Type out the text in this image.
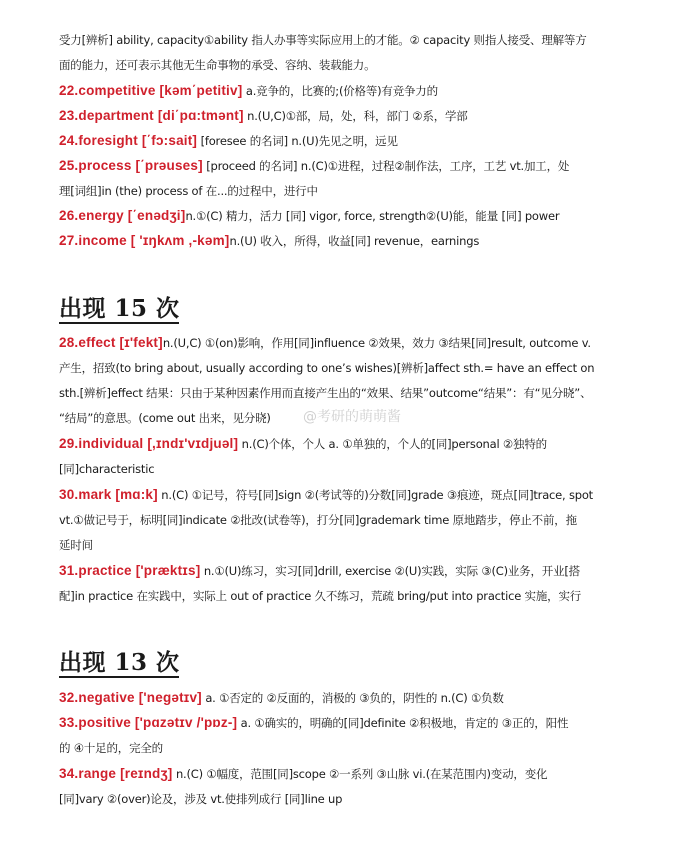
受力[辨析] ability, capacity①ability 指人办事等实际应用上的才能。② capacity 则指人接受、理解等方
面的能力，还可表示其他无生命事物的承受、容纳、装载能力。
22.competitive [kəm΄petitiv] a.竞争的，比赛的;(价格等)有竞争力的
23.department [di΄pɑ:tmənt] n.(U,C)①部，局，处，科，部门 ②系，学部
24.foresight [΄fɔ:sait] [foresee 的名词] n.(U)先见之明，远见
25.process [΄prəuses] [proceed 的名词] n.(C)①进程，过程②制作法，工序，工艺 vt.加工，处
理[词组]in (the) process of 在...的过程中，进行中
26.energy [΄enədʒi]n.①(C) 精力，活力 [同] vigor, force, strength②(U)能，能量 [同] power
27.income [ 'ɪŋkʌm ,-kəm]n.(U) 收入，所得，收益[同] revenue，earnings
出现 15 次
28.effect [ɪ'fekt]n.(U,C) ①(on)影响，作用[同]influence ②效果，效力 ③结果[同]result, outcome v.
产生，招致(to bring about, usually according to one’s wishes)[辨析]affect sth.= have an effect on
sth.[辨析]effect 结果：只由于某种因素作用而直接产生出的“效果、结果”outcome“结果”：有“见分晓”、
“结局”的意思。(come out 出来，见分晓)
29.individual [,ɪndɪ'vɪdjuəl] n.(C)个体，个人 a. ①单独的，个人的[同]personal ②独特的
[同]characteristic
30.mark [mɑ:k] n.(C) ①记号，符号[同]sign ②(考试等的)分数[同]grade ③痕迹，斑点[同]trace, spot
vt.①做记号于，标明[同]indicate ②批改(试卷等)，打分[同]grademark time 原地踏步，停止不前，拖
延时间
31.practice ['præktɪs] n.①(U)练习，实习[同]drill, exercise ②(U)实践，实际 ③(C)业务，开业[搭
配]in practice 在实践中，实际上 out of practice 久不练习，荒疏 bring/put into practice 实施，实行
出现 13 次
32.negative ['negətɪv] a. ①否定的 ②反面的，消极的 ③负的，阴性的 n.(C) ①负数
33.positive ['pɑzətɪv /'pɒz-] a. ①确实的，明确的[同]definite ②积极地，肯定的 ③正的，阳性
的 ④十足的，完全的
34.range [reɪndʒ] n.(C) ①幅度，范围[同]scope ②一系列 ③山脉 vi.(在某范围内)变动，变化
[同]vary ②(over)论及，涉及 vt.使排列成行 [同]line up
@考研的萌萌酱
